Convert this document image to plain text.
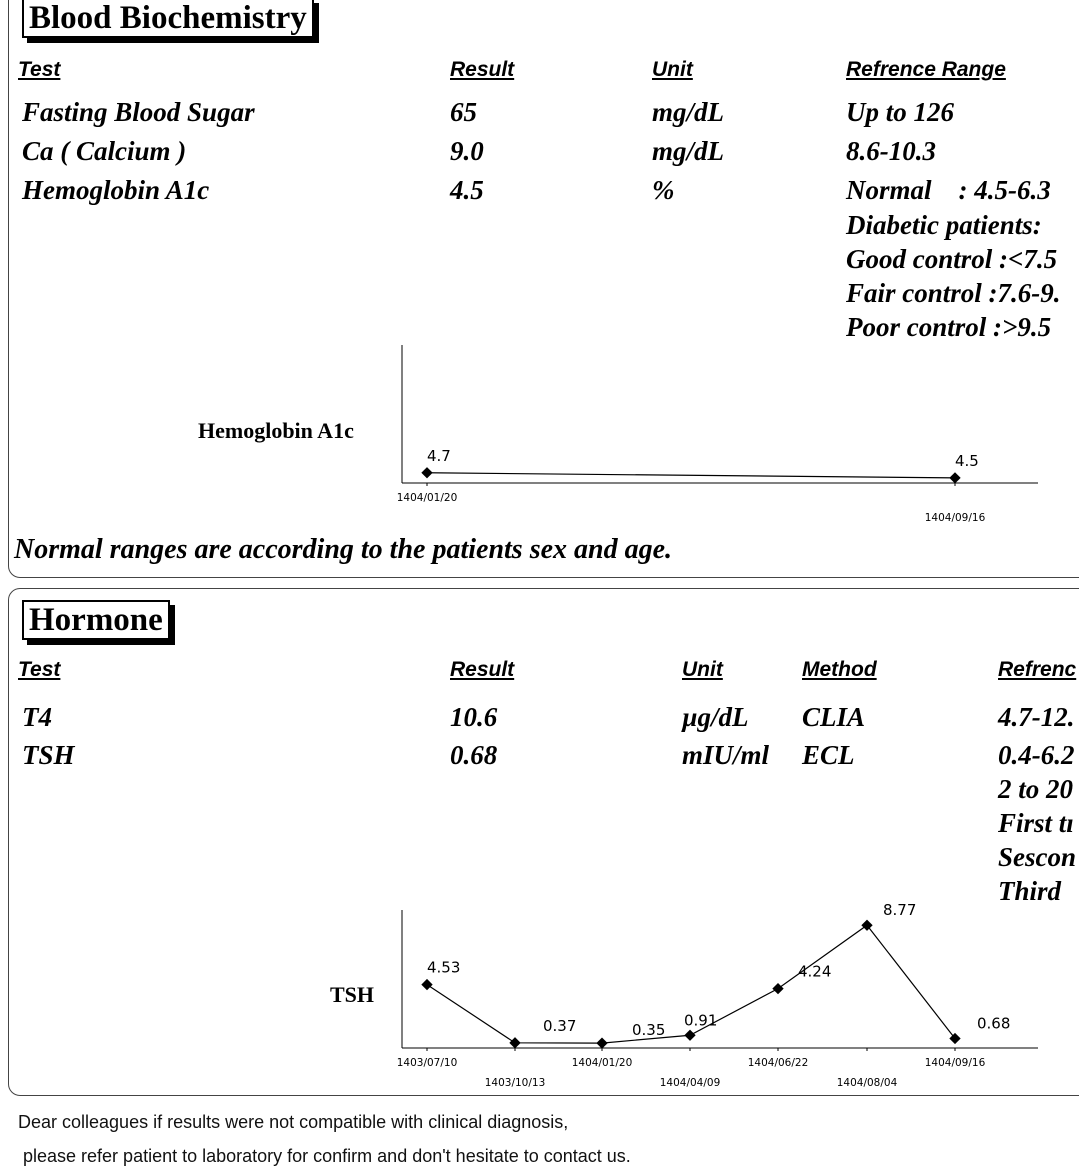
Blood Biochemistry
Test	Result	Unit	Refrence Range
Fasting Blood Sugar	65	mg/dL	Up to 126
Ca ( Calcium )	9.0	mg/dL	8.6-10.3
Hemoglobin A1c	4.5	%	Normal    : 4.5-6.3
Diabetic patients:
Good control :<7.5
Fair control :7.6-9.
Poor control :>9.5
Hemoglobin A1c
4.7
1404/01/20
4.5
1404/09/16
Normal ranges are according to the patients sex and age.
Hormone
Test	Result	Unit	Method	Refrenc
T4	10.6	µg/dL CLIA	4.7-12.
TSH	0.68	mIU/ml ECL	0.4-6.2
2 to 20
First tı
Sescon
Third
TSH
4.53
1403/07/10
0.37
1403/10/13
0.35
1404/01/20
0.91
1404/04/09
4.24
1404/06/22
8.77
1404/08/04
0.68
1404/09/16
Dear colleagues if results were not compatible with clinical diagnosis,
please refer patient to laboratory for confirm and don't hesitate to contact us.
